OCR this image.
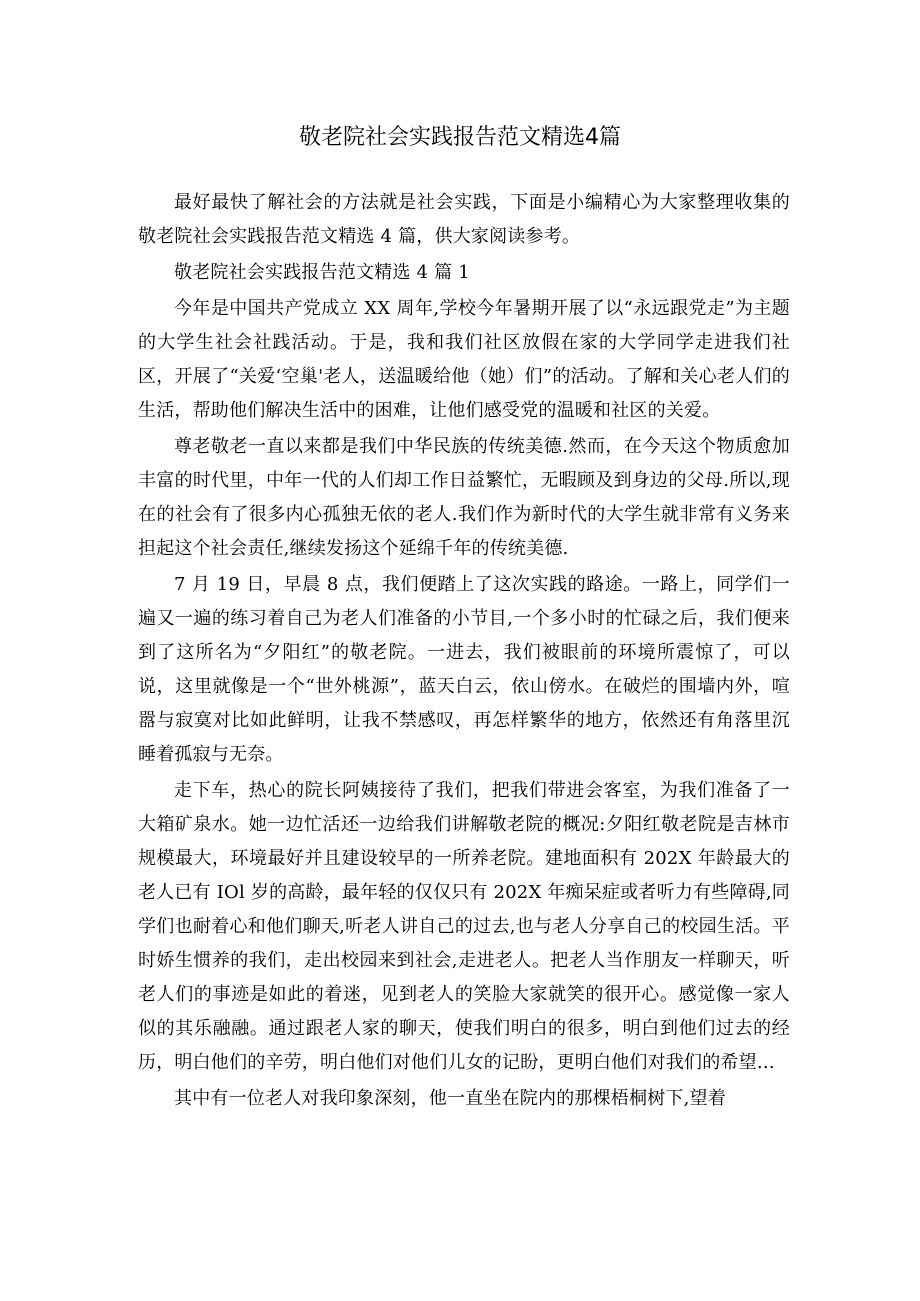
敬老院社会实践报告范文精选4篇

最好最快了解社会的方法就是社会实践，下面是小编精心为大家整理收集的敬老院社会实践报告范文精选 4 篇，供大家阅读参考。

敬老院社会实践报告范文精选 4 篇 1

今年是中国共产党成立 XX 周年,学校今年暑期开展了以“永远跟党走”为主题的大学生社会社践活动。于是，我和我们社区放假在家的大学同学走进我们社区，开展了“关爱‘空巢'老人，送温暖给他（她）们”的活动。了解和关心老人们的生活，帮助他们解决生活中的困难，让他们感受党的温暖和社区的关爱。

尊老敬老一直以来都是我们中华民族的传统美德.然而，在今天这个物质愈加丰富的时代里，中年一代的人们却工作日益繁忙，无暇顾及到身边的父母.所以,现在的社会有了很多内心孤独无依的老人.我们作为新时代的大学生就非常有义务来担起这个社会责任,继续发扬这个延绵千年的传统美德.

7 月 19 日，早晨 8 点，我们便踏上了这次实践的路途。一路上，同学们一遍又一遍的练习着自己为老人们准备的小节目,一个多小时的忙碌之后，我们便来到了这所名为“夕阳红”的敬老院。一进去，我们被眼前的环境所震惊了，可以说，这里就像是一个“世外桃源”，蓝天白云，依山傍水。在破烂的围墙内外，喧嚣与寂寞对比如此鲜明，让我不禁感叹，再怎样繁华的地方，依然还有角落里沉睡着孤寂与无奈。

走下车，热心的院长阿姨接待了我们，把我们带进会客室，为我们准备了一大箱矿泉水。她一边忙活还一边给我们讲解敬老院的概况:夕阳红敬老院是吉林市规模最大，环境最好并且建设较早的一所养老院。建地面积有 202X 年龄最大的老人已有 IOl 岁的高龄，最年轻的仅仅只有 202X 年痴呆症或者听力有些障碍,同学们也耐着心和他们聊天,听老人讲自己的过去,也与老人分享自己的校园生活。平时娇生惯养的我们，走出校园来到社会,走进老人。把老人当作朋友一样聊天，听老人们的事迹是如此的着迷，见到老人的笑脸大家就笑的很开心。感觉像一家人似的其乐融融。通过跟老人家的聊天，使我们明白的很多，明白到他们过去的经历，明白他们的辛劳，明白他们对他们儿女的记盼，更明白他们对我们的希望…

其中有一位老人对我印象深刻，他一直坐在院内的那棵梧桐树下,望着
